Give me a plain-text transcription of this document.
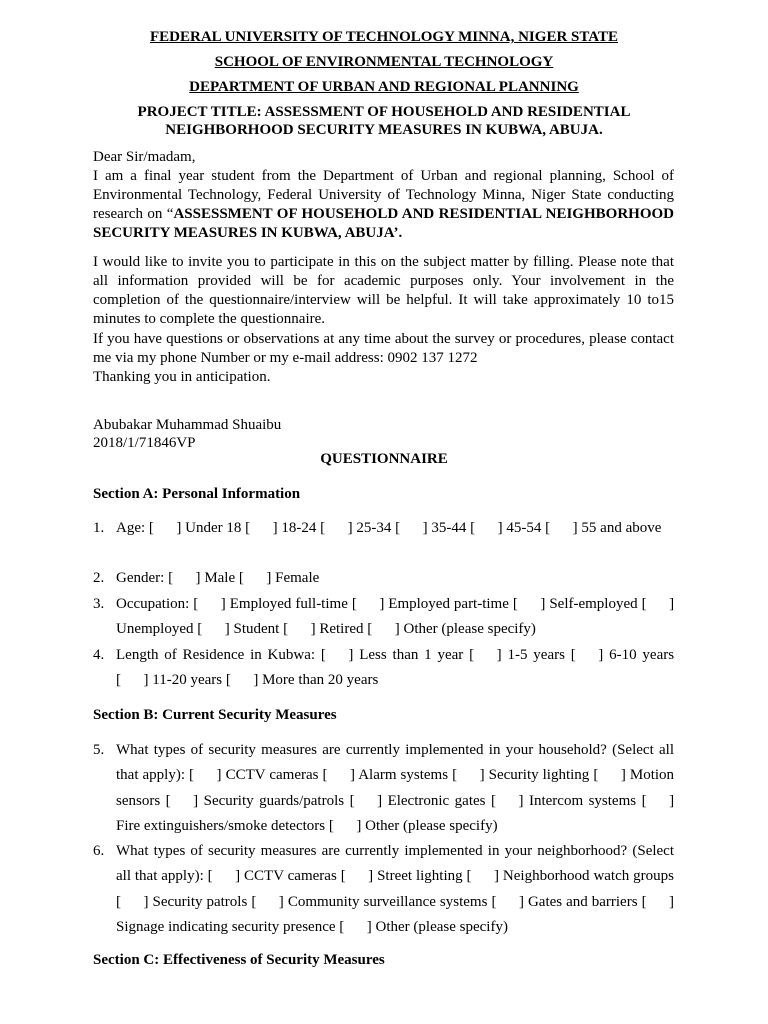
FEDERAL UNIVERSITY OF TECHNOLOGY MINNA, NIGER STATE
SCHOOL OF ENVIRONMENTAL TECHNOLOGY
DEPARTMENT OF URBAN AND REGIONAL PLANNING
PROJECT TITLE: ASSESSMENT OF HOUSEHOLD AND RESIDENTIAL NEIGHBORHOOD SECURITY MEASURES IN KUBWA, ABUJA.
Dear Sir/madam,
I am a final year student from the Department of Urban and regional planning, School of Environmental Technology, Federal University of Technology Minna, Niger State conducting research on “ASSESSMENT OF HOUSEHOLD AND RESIDENTIAL NEIGHBORHOOD SECURITY MEASURES IN KUBWA, ABUJA’.
I would like to invite you to participate in this on the subject matter by filling. Please note that all information provided will be for academic purposes only. Your involvement in the completion of the questionnaire/interview will be helpful. It will take approximately 10 to15 minutes to complete the questionnaire.
If you have questions or observations at any time about the survey or procedures, please contact me via my phone Number or my e-mail address: 0902 137 1272
Thanking you in anticipation.
Abubakar Muhammad Shuaibu
2018/1/71846VP
QUESTIONNAIRE
Section A: Personal Information
1. Age: [      ] Under 18 [      ] 18-24 [      ] 25-34 [      ] 35-44 [      ] 45-54 [      ] 55 and above
2. Gender: [      ] Male [      ] Female
3. Occupation: [      ] Employed full-time [      ] Employed part-time [      ] Self-employed [      ] Unemployed [      ] Student [      ] Retired [      ] Other (please specify)
4. Length of Residence in Kubwa: [      ] Less than 1 year [      ] 1-5 years [      ] 6-10 years [      ] 11-20 years [      ] More than 20 years
Section B: Current Security Measures
5. What types of security measures are currently implemented in your household? (Select all that apply): [      ] CCTV cameras [      ] Alarm systems [      ] Security lighting [      ] Motion sensors [      ] Security guards/patrols [      ] Electronic gates [      ] Intercom systems [      ] Fire extinguishers/smoke detectors [      ] Other (please specify)
6. What types of security measures are currently implemented in your neighborhood? (Select all that apply): [      ] CCTV cameras [      ] Street lighting [      ] Neighborhood watch groups [      ] Security patrols [      ] Community surveillance systems [      ] Gates and barriers [      ] Signage indicating security presence [      ] Other (please specify)
Section C: Effectiveness of Security Measures
